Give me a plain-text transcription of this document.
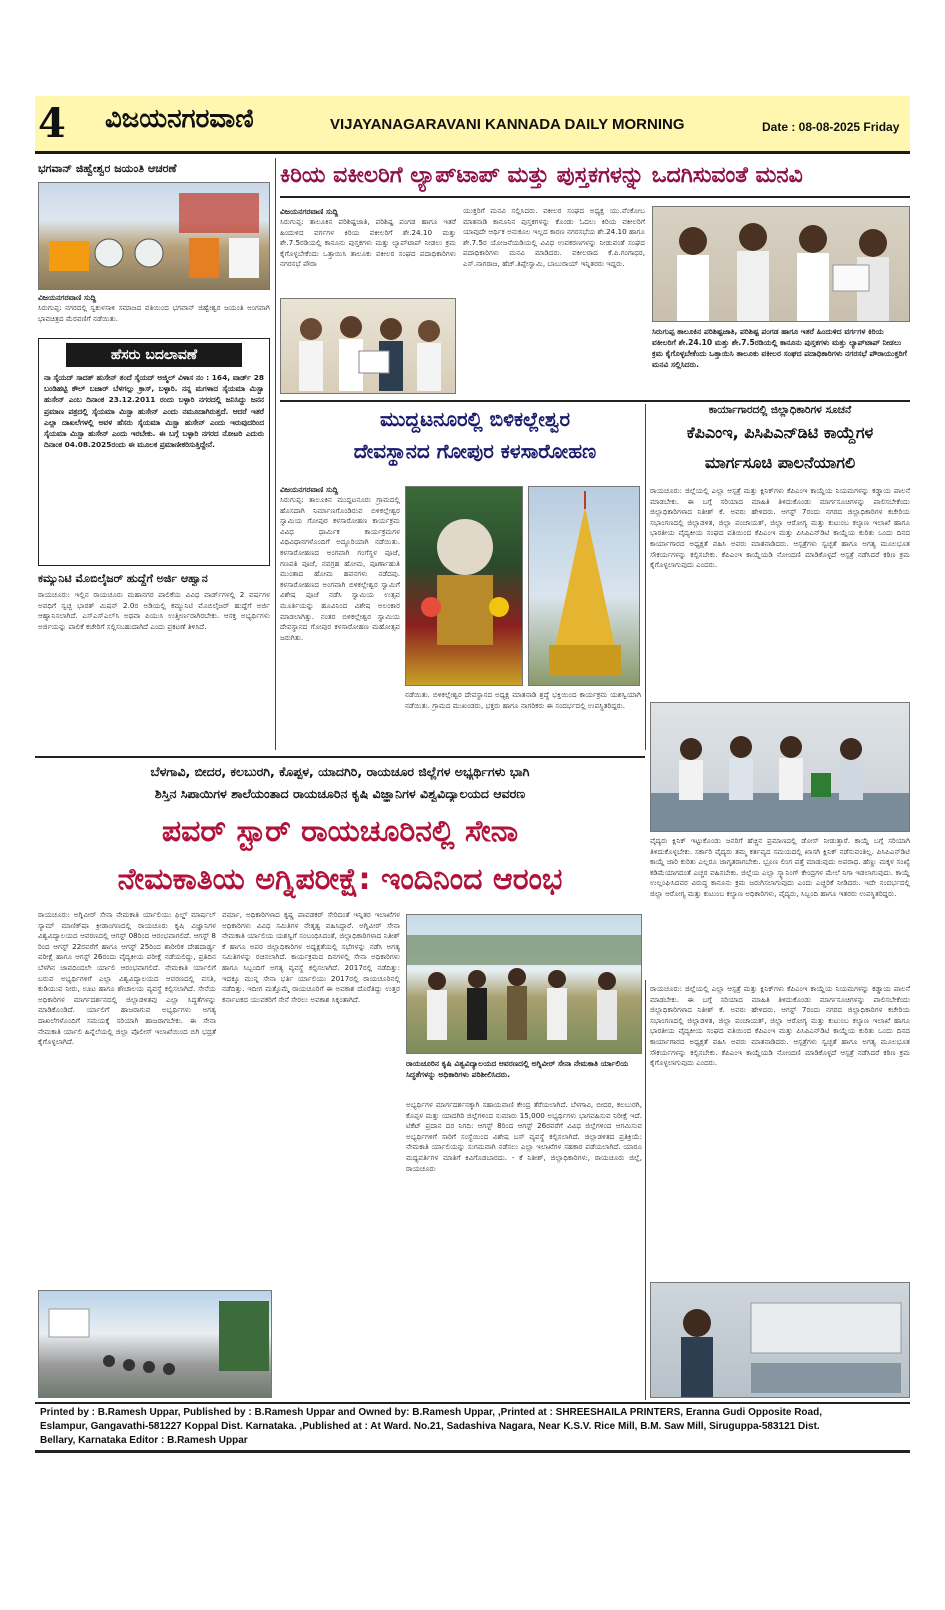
4 ವಿಜಯನಗರವಾಣಿ	VIJAYANAGARAVANI KANNADA DAILY MORNING	Date : 08-08-2025 Friday
ಭಗವಾನ್ ಜಿಹ್ವೇಶ್ವರ ಜಯಂತಿ ಆಚರಣೆ
ವಿಜಯನಗರವಾಣಿ ಸುದ್ದಿ
ಸಿರುಗುಪ್ಪ: ನಗರದಲ್ಲಿ ಸ್ವಕುಳಸಾಳಿ ಸಮಾಜದ ವತಿಯಿಂದ ಭಗವಾನ್ ಜಿಹ್ವೇಶ್ವರ ಜಯಂತಿ ಅಂಗವಾಗಿ ಭಾವಚಿತ್ರದ ಮೆರವಣಿಗೆ ನಡೆಯಿತು.
ಹೆಸರು ಬದಲಾವಣೆ
ನಾ ಸೈಯದ್ ಸಾದತ್ ಹುಸೇನ್ ತಂದೆ ಸೈಯದ್ ಅಜ್ಮಿಲ್ ವಿಳಾಸ ನಂ : 164, ವಾರ್ಡ್ 28 ಬಂಡಿಹಟ್ಟಿ ಕೌಲ್ ಬಜಾರ್ ಬೆಳಗಲ್ಲು ಕ್ರಾಸ್, ಬಳ್ಳಾರಿ. ನನ್ನ ಮಗಳಾದ ಸೈಯಮಾ ಮಿಸ್ಬಾ ಹುಸೇನ್ ಎಂಬ ದಿನಾಂಕ 23.12.2011 ರಂದು ಬಳ್ಳಾರಿ ನಗರದಲ್ಲಿ ಜನಿಸಿದ್ದು ಜನನ ಪ್ರಮಾಣ ಪತ್ರದಲ್ಲಿ ಸೈಯಮಾ ಮಿಸ್ಬಾ ಹುಸೇನ್ ಎಂದು ನಮೂದಾಗಿರುತ್ತದೆ. ಆದರೆ ಇತರೆ ಎಲ್ಲಾ ದಾಖಲೆಗಳಲ್ಲಿ ಅವಳ ಹೆಸರು ಸೈಯಮಾ ಮಿಸ್ಬಾ ಹುಸೇನ್ ಎಂದು ಇರುವುದರಿಂದ ಸೈಯಮಾ ಮಿಸ್ಬಾ ಹುಸೇನ್ ಎಂದು ಇರಬೇಕು. ಈ ಬಗ್ಗೆ ಬಳ್ಳಾರಿ ನಗರದ ನೋಟರಿ ಎದುರು ದಿನಾಂಕ 04.08.2025ರಂದು ಈ ಮೂಲಕ ಪ್ರಮಾಣೀಕರಿಸುತ್ತಿದ್ದೇನೆ.
ಕಮ್ಯುನಿಟಿ ಮೊಬಿಲೈಜರ್ ಹುದ್ದೆಗೆ ಅರ್ಜಿ ಆಹ್ವಾನ
ರಾಯಚೂರು: ಇಲ್ಲಿನ ರಾಯಚೂರು ಮಹಾನಗರ ಪಾಲಿಕೆಯ ವಿವಿಧ ವಾರ್ಡ್‌ಗಳಲ್ಲಿ 2 ವರ್ಷಗಳ ಅವಧಿಗೆ ಸ್ವಚ್ಛ ಭಾರತ್ ಮಿಷನ್ 2.0ರ ಅಡಿಯಲ್ಲಿ ಕಮ್ಯುನಿಟಿ ಮೊಬಿಲೈಜರ್ ಹುದ್ದೆಗೆ ಅರ್ಜಿ ಆಹ್ವಾನಿಸಲಾಗಿದೆ. ಎಸ್‌ಎಸ್‌ಎಲ್‌ಸಿ ಅಥವಾ ಪಿಯುಸಿ ಉತ್ತೀರ್ಣರಾಗಿರಬೇಕು. ಆಸಕ್ತ ಅಭ್ಯರ್ಥಿಗಳು ಅರ್ಜಿಯನ್ನು ಪಾಲಿಕೆ ಕಚೇರಿಗೆ ಸಲ್ಲಿಸಬಹುದಾಗಿದೆ ಎಂದು ಪ್ರಕಟಣೆ ತಿಳಿಸಿದೆ.
ಕಿರಿಯ ವಕೀಲರಿಗೆ ಲ್ಯಾಪ್‌ಟಾಪ್ ಮತ್ತು ಪುಸ್ತಕಗಳನ್ನು ಒದಗಿಸುವಂತೆ ಮನವಿ
ವಿಜಯನಗರವಾಣಿ ಸುದ್ದಿ
ಸಿರುಗುಪ್ಪ: ತಾಲೂಕಿನ ಪರಿಶಿಷ್ಟಜಾತಿ, ಪರಿಶಿಷ್ಟ ಪಂಗಡ ಹಾಗೂ ಇತರೆ ಹಿಂದುಳಿದ ವರ್ಗಗಳ ಕಿರಿಯ ವಕೀಲರಿಗೆ ಶೇ.24.10 ಮತ್ತು ಶೇ.7.5ರಡಿಯಲ್ಲಿ ಕಾನೂನು ಪುಸ್ತಕಗಳು ಮತ್ತು ಲ್ಯಾಪ್‌ಟಾಪ್ ನೀಡಲು ಕ್ರಮ ಕೈಗೊಳ್ಳಬೇಕೆಂದು ಒತ್ತಾಯಿಸಿ ತಾಲೂಕು ವಕೀಲರ ಸಂಘದ ಪದಾಧಿಕಾರಿಗಳು ನಗರಸಭೆ ಪೌರಾ
ಯುಕ್ತರಿಗೆ ಮನವಿ ಸಲ್ಲಿಸಿದರು. ವಕೀಲರ ಸಂಘದ ಅಧ್ಯಕ್ಷ ಯು.ವೆಂಕೋಬ ಮಾತನಾಡಿ ಕಾನೂನಿನ ಪುಸ್ತಕಗಳನ್ನು ಕೊಂಡು ಓದಲು ಕಿರಿಯ ವಕೀಲರಿಗೆ ಯಾವುದೇ ಆರ್ಥಿಕ ಅನುಕೂಲ ಇಲ್ಲದ ಕಾರಣ ನಗರಸಭೆಯ ಶೇ.24.10 ಹಾಗೂ ಶೇ.7.5ರ ಯೋಜನೆಯಡಿಯಲ್ಲಿ ವಿವಿಧ ಉಪಕರಣಗಳನ್ನು ನೀಡುವಂತೆ ಸಂಘದ ಪದಾಧಿಕಾರಿಗಳು ಮನವಿ ಮಾಡಿದರು. ವಕೀಲರಾದ ಕೆ.ಪಿ.ಗಂಗಾಧರ, ಎಸ್.ನಾಗರಾಜ, ಹೆಚ್.ತಿಪ್ಪೇಸ್ವಾಮಿ, ಬಾಬುರಾಯ್ ಇನ್ನಿತರರು ಇದ್ದರು.
ಸಿರುಗುಪ್ಪ ತಾಲೂಕಿನ ಪರಿಶಿಷ್ಟಜಾತಿ, ಪರಿಶಿಷ್ಟ ಪಂಗಡ ಹಾಗೂ ಇತರೆ ಹಿಂದುಳಿದ ವರ್ಗಗಳ ಕಿರಿಯ ವಕೀಲರಿಗೆ ಶೇ.24.10 ಮತ್ತು ಶೇ.7.5ರಡಿಯಲ್ಲಿ ಕಾನೂನು ಪುಸ್ತಕಗಳು ಮತ್ತು ಲ್ಯಾಪ್‌ಟಾಪ್ ನೀಡಲು ಕ್ರಮ ಕೈಗೊಳ್ಳಬೇಕೆಂದು ಒತ್ತಾಯಿಸಿ ತಾಲೂಕು ವಕೀಲರ ಸಂಘದ ಪದಾಧಿಕಾರಿಗಳು ನಗರಸಭೆ ಪೌರಾಯುಕ್ತರಿಗೆ ಮನವಿ ಸಲ್ಲಿಸಿದರು.
ಮುದ್ದಟನೂರಲ್ಲಿ ಬಿಳಿಕಲ್ಲೇಶ್ವರ
ದೇವಸ್ಥಾನದ ಗೋಪುರ ಕಳಸಾರೋಹಣ
ವಿಜಯನಗರವಾಣಿ ಸುದ್ದಿ
ಸಿರುಗುಪ್ಪ: ತಾಲೂಕಿನ ಮುದ್ದಟನೂರು ಗ್ರಾಮದಲ್ಲಿ ಹೊಸದಾಗಿ ನಿರ್ಮಾಣಗೊಂಡಿರುವ ಬಿಳಿಕಲ್ಲೇಶ್ವರ ಸ್ವಾಮಿಯ ಗೋಪುರ ಕಳಸಾರೋಹಣ ಕಾರ್ಯಕ್ರಮ ವಿವಿಧ ಧಾರ್ಮಿಕ ಕಾರ್ಯಕ್ರಮಗಳ ವಿಧಿವಿಧಾನಗಳೊಂದಿಗೆ ಅದ್ದೂರಿಯಾಗಿ ನಡೆಯಿತು. ಕಳಸಾರೋಹಣದ ಅಂಗವಾಗಿ ಗಂಗೆಸ್ಥಳ ಪೂಜೆ, ಗಣಪತಿ ಪೂಜೆ, ನವಗ್ರಹ ಹೋಮ, ಪೂರ್ಣಾಹುತಿ ಮುಂತಾದ ಹೋಮ ಹವನಗಳು ನಡೆದವು. ಕಳಸಾರೋಹಣದ ಅಂಗವಾಗಿ ಬಿಳಿಕಲ್ಲೇಶ್ವರ ಸ್ವಾಮಿಗೆ ವಿಶೇಷ ಪೂಜೆ ನಡೆಸಿ ಸ್ವಾಮಿಯ ಉತ್ಸವ ಮೂರ್ತಿಯನ್ನು ಹೂವಿನಿಂದ ವಿಶೇಷ ಅಲಂಕಾರ ಮಾಡಲಾಗಿತ್ತು. ನಂತರ ಬಿಳಿಕಲ್ಲೇಶ್ವರ ಸ್ವಾಮಿಯ ದೇವಸ್ಥಾನದ ಗೋಪುರ ಕಳಸಾರೋಹಣ ಮಹೋತ್ಸವ ಜರುಗಿತು.
ನಡೆಯಿತು. ಬಿಳಿಕಲ್ಲೇಶ್ವರ ದೇವಸ್ಥಾನದ ಅಧ್ಯಕ್ಷ ಮಾತನಾಡಿ ಶ್ರದ್ಧೆ ಭಕ್ತಿಯಿಂದ ಕಾರ್ಯಕ್ರಮ ಯಶಸ್ವಿಯಾಗಿ ನಡೆಯಿತು. ಗ್ರಾಮದ ಮುಖಂಡರು, ಭಕ್ತರು ಹಾಗೂ ನಾಗರಿಕರು ಈ ಸಂದರ್ಭದಲ್ಲಿ ಉಪಸ್ಥಿತರಿದ್ದರು.
ಕಾರ್ಯಾಗಾರದಲ್ಲಿ ಜಿಲ್ಲಾಧಿಕಾರಿಗಳ ಸೂಚನೆ
ಕೆಪಿಎಂಇ, ಪಿಸಿಪಿಎನ್‌ಡಿಟಿ ಕಾಯ್ದೆಗಳ
ಮಾರ್ಗಸೂಚಿ ಪಾಲನೆಯಾಗಲಿ
ರಾಯಚೂರು: ಜಿಲ್ಲೆಯಲ್ಲಿ ಎಲ್ಲಾ ಆಸ್ಪತ್ರೆ ಮತ್ತು ಕ್ಲಿನಿಕ್‌ಗಳು ಕೆಪಿಎಂಇ ಕಾಯ್ದೆಯ ನಿಯಮಗಳನ್ನು ಕಡ್ಡಾಯ ಪಾಲನೆ ಮಾಡಬೇಕು. ಈ ಬಗ್ಗೆ ಸರಿಯಾದ ಮಾಹಿತಿ ತಿಳಿದುಕೊಂಡು ಮಾರ್ಗಸೂಚಿಗಳನ್ನು ಪಾಲಿಸಬೇಕೆಂದು ಜಿಲ್ಲಾಧಿಕಾರಿಗಳಾದ ನಿತೀಶ್ ಕೆ. ಅವರು ಹೇಳಿದರು. ಆಗಸ್ಟ್ 7ರಂದು ನಗರದ ಜಿಲ್ಲಾಧಿಕಾರಿಗಳ ಕಚೇರಿಯ ಸಭಾಂಗಣದಲ್ಲಿ ಜಿಲ್ಲಾಡಳಿತ, ಜಿಲ್ಲಾ ಪಂಚಾಯತ್, ಜಿಲ್ಲಾ ಆರೋಗ್ಯ ಮತ್ತು ಕುಟುಂಬ ಕಲ್ಯಾಣ ಇಲಾಖೆ ಹಾಗೂ ಭಾರತೀಯ ವೈದ್ಯಕೀಯ ಸಂಘದ ವತಿಯಿಂದ ಕೆಪಿಎಂಇ ಮತ್ತು ಪಿಸಿಪಿಎನ್‌ಡಿಟಿ ಕಾಯ್ದೆಯ ಕುರಿತು ಒಂದು ದಿನದ ಕಾರ್ಯಾಗಾರದ ಅಧ್ಯಕ್ಷತೆ ವಹಿಸಿ ಅವರು ಮಾತನಾಡಿದರು. ಆಸ್ಪತ್ರೆಗಳು ಸ್ವಚ್ಛತೆ ಹಾಗೂ ಅಗತ್ಯ ಮೂಲಭೂತ ಸೌಕರ್ಯಗಳನ್ನು ಕಲ್ಪಿಸಬೇಕು. ಕೆಪಿಎಂಇ ಕಾಯ್ದೆಯಡಿ ನೋಂದಣಿ ಮಾಡಿಕೊಳ್ಳದೆ ಆಸ್ಪತ್ರೆ ನಡೆಸಿದರೆ ಕಠಿಣ ಕ್ರಮ ಕೈಗೊಳ್ಳಲಾಗುವುದು ಎಂದರು.
ವೈದ್ಯರು ಕ್ಲಿನಿಕ್ ಇಟ್ಟುಕೊಂಡು ಜನರಿಗೆ ಹೆಚ್ಚಿನ ಪ್ರಮಾಣದಲ್ಲಿ ಡೋಸ್ ನೀಡುತ್ತಾರೆ. ಕಾಯ್ದೆ ಬಗ್ಗೆ ಸರಿಯಾಗಿ ತಿಳಿದುಕೊಳ್ಳಬೇಕು. ಸರ್ಕಾರಿ ವೈದ್ಯರು ತಮ್ಮ ಕರ್ತವ್ಯದ ಸಮಯದಲ್ಲಿ ಖಾಸಗಿ ಕ್ಲಿನಿಕ್ ನಡೆಸುವಂತಿಲ್ಲ. ಪಿಸಿಪಿಎನ್‌ಡಿಟಿ ಕಾಯ್ದೆ ಜಾರಿ ಕುರಿತು ಎಲ್ಲರೂ ಜಾಗೃತರಾಗಬೇಕು. ಭ್ರೂಣ ಲಿಂಗ ಪತ್ತೆ ಮಾಡುವುದು ಅಪರಾಧ. ಹೆಣ್ಣು ಮಕ್ಕಳ ಸಂಖ್ಯೆ ಕಡಿಮೆಯಾಗದಂತೆ ಎಚ್ಚರ ವಹಿಸಬೇಕು. ಜಿಲ್ಲೆಯ ಎಲ್ಲಾ ಸ್ಕ್ಯಾನಿಂಗ್ ಕೇಂದ್ರಗಳ ಮೇಲೆ ನಿಗಾ ಇಡಲಾಗುವುದು. ಕಾಯ್ದೆ ಉಲ್ಲಂಘಿಸಿದವರ ವಿರುದ್ಧ ಕಾನೂನು ಕ್ರಮ ಜರುಗಿಸಲಾಗುವುದು ಎಂದು ಎಚ್ಚರಿಕೆ ನೀಡಿದರು. ಇದೇ ಸಂದರ್ಭದಲ್ಲಿ ಜಿಲ್ಲಾ ಆರೋಗ್ಯ ಮತ್ತು ಕುಟುಂಬ ಕಲ್ಯಾಣ ಅಧಿಕಾರಿಗಳು, ವೈದ್ಯರು, ಸಿಬ್ಬಂದಿ ಹಾಗೂ ಇತರರು ಉಪಸ್ಥಿತರಿದ್ದರು.
ಬೆಳಗಾವಿ, ಬೀದರ, ಕಲಬುರಗಿ, ಕೊಪ್ಪಳ, ಯಾದಗಿರಿ, ರಾಯಚೂರ ಜಿಲ್ಲೆಗಳ ಅಭ್ಯರ್ಥಿಗಳು ಭಾಗಿ
ಶಿಸ್ತಿನ ಸಿಪಾಯಿಗಳ ಶಾಲೆಯಂತಾದ ರಾಯಚೂರಿನ ಕೃಷಿ ವಿಜ್ಞಾನಿಗಳ ವಿಶ್ವವಿದ್ಯಾಲಯದ ಆವರಣ
ಪವರ್ ಸ್ಟಾರ್ ರಾಯಚೂರಿನಲ್ಲಿ ಸೇನಾ
ನೇಮಕಾತಿಯ ಅಗ್ನಿಪರೀಕ್ಷೆ: ಇಂದಿನಿಂದ ಆರಂಭ
ರಾಯಚೂರು: ಅಗ್ನಿವೀರ್ ಸೇನಾ ನೇಮಕಾತಿ ರ್ಯಾಲಿಯು ಫಿಲ್ಡ್ ಮಾರ್ಷಲ್ ಸ್ಯಾಮ್ ಮಾಣಿಕ್‌ಷಾ ಕ್ರೀಡಾಂಗಣದಲ್ಲಿ ರಾಯಚೂರು ಕೃಷಿ ವಿಜ್ಞಾನಿಗಳ ವಿಶ್ವವಿದ್ಯಾಲಯದ ಆವರಣದಲ್ಲಿ ಆಗಸ್ಟ್ 08ರಿಂದ ಆರಂಭವಾಗಲಿದೆ. ಆಗಸ್ಟ್ 8 ರಿಂದ ಆಗಸ್ಟ್ 22ರವರೆಗೆ ಹಾಗೂ ಆಗಸ್ಟ್ 25ರಿಂದ ಶಾರೀರಿಕ ದೇಹದಾರ್ಢ್ಯ ಪರೀಕ್ಷೆ ಹಾಗೂ ಆಗಸ್ಟ್ 26ರಂದು ವೈದ್ಯಕೀಯ ಪರೀಕ್ಷೆ ನಡೆಯಲಿದ್ದು, ಪ್ರತಿದಿನ ಬೆಳಗಿನ ಜಾವದಿಂದಲೇ ರ್ಯಾಲಿ ಆರಂಭವಾಗಲಿದೆ. ನೇಮಕಾತಿ ರ್ಯಾಲಿಗೆ ಬರುವ ಅಭ್ಯರ್ಥಿಗಳಿಗೆ ಎಲ್ಲಾ ವಿಶ್ವವಿದ್ಯಾಲಯದ ಆವರಣದಲ್ಲಿ ವಸತಿ, ಕುಡಿಯುವ ನೀರು, ಊಟ ಹಾಗೂ ಶೌಚಾಲಯ ವ್ಯವಸ್ಥೆ ಕಲ್ಪಿಸಲಾಗಿದೆ. ಸೇನೆಯ ಅಧಿಕಾರಿಗಳ ಮಾರ್ಗದರ್ಶನದಲ್ಲಿ ಜಿಲ್ಲಾಡಳಿತವು ಎಲ್ಲಾ ಸಿದ್ಧತೆಗಳನ್ನು ಮಾಡಿಕೊಂಡಿದೆ. ರ್ಯಾಲಿಗೆ ಹಾಜರಾಗುವ ಅಭ್ಯರ್ಥಿಗಳು ಅಗತ್ಯ ದಾಖಲೆಗಳೊಂದಿಗೆ ಸಮಯಕ್ಕೆ ಸರಿಯಾಗಿ ಹಾಜರಾಗಬೇಕು. ಈ ಸೇನಾ ನೇಮಕಾತಿ ರ್ಯಾಲಿ ಹಿನ್ನೆಲೆಯಲ್ಲಿ ಜಿಲ್ಲಾ ಪೊಲೀಸ್ ಇಲಾಖೆಯಿಂದ ಬಿಗಿ ಭದ್ರತೆ ಕೈಗೊಳ್ಳಲಾಗಿದೆ.
ವರ್ಮಾ, ಅಧಿಕಾರಿಗಳಾದ ಕೃಷ್ಣ ಪಾವಡಕರ್ ಸೇರಿದಂತೆ ಇನ್ನಿತರ ಇಲಾಖೆಗಳ ಅಧಿಕಾರಿಗಳು ವಿವಿಧ ಸಮಿತಿಗಳ ನೇತೃತ್ವ ವಹಿಸಿದ್ದಾರೆ. ಅಗ್ನಿವೀರ್ ಸೇನಾ ನೇಮಕಾತಿ ರ್ಯಾಲಿಯ ಯಶಸ್ವಿಗೆ ಸಂಬಂಧಿಸಿದಂತೆ, ಜಿಲ್ಲಾಧಿಕಾರಿಗಳಾದ ನಿತೀಶ್ ಕೆ ಹಾಗೂ ಅಪರ ಜಿಲ್ಲಾಧಿಕಾರಿಗಳ ಅಧ್ಯಕ್ಷತೆಯಲ್ಲಿ ಸಭೆಗಳನ್ನು ನಡೆಸಿ ಅಗತ್ಯ ಸಮಿತಿಗಳನ್ನು ರಚಿಸಲಾಗಿದೆ. ಕಾರ್ಯಕ್ರಮದ ದಿನಗಳಲ್ಲಿ ಸೇನಾ ಅಧಿಕಾರಿಗಳು ಹಾಗೂ ಸಿಬ್ಬಂದಿಗೆ ಅಗತ್ಯ ವ್ಯವಸ್ಥೆ ಕಲ್ಪಿಸಲಾಗಿದೆ. 2017ರಲ್ಲಿ ನಡೆದಿತ್ತು: ಇದಕ್ಕೂ ಮುನ್ನ ಸೇನಾ ಭರ್ತಿ ರ್ಯಾಲಿಯು 2017ರಲ್ಲಿ ರಾಯಚೂರಿನಲ್ಲಿ ನಡೆದಿತ್ತು. ಇದೀಗ ಮತ್ತೊಮ್ಮೆ ರಾಯಚೂರಿಗೆ ಈ ಅವಕಾಶ ದೊರೆತಿದ್ದು ಉತ್ತರ ಕರ್ನಾಟಕದ ಯುವಕರಿಗೆ ಸೇನೆ ಸೇರಲು ಅವಕಾಶ ಸಿಕ್ಕಂತಾಗಿದೆ.
ರಾಯಚೂರಿನ ಕೃಷಿ ವಿಶ್ವವಿದ್ಯಾಲಯದ ಆವರಣದಲ್ಲಿ ಅಗ್ನಿವೀರ್ ಸೇನಾ ನೇಮಕಾತಿ ರ್ಯಾಲಿಯ ಸಿದ್ಧತೆಗಳನ್ನು ಅಧಿಕಾರಿಗಳು ಪರಿಶೀಲಿಸಿದರು.
ಅಭ್ಯರ್ಥಿಗಳ ಮಾರ್ಗದರ್ಶನಕ್ಕಾಗಿ ಸಹಾಯವಾಣಿ ಕೇಂದ್ರ ತೆರೆಯಲಾಗಿದೆ. ಬೆಳಗಾವಿ, ಬೀದರ, ಕಲಬುರಗಿ, ಕೊಪ್ಪಳ ಮತ್ತು ಯಾದಗಿರಿ ಜಿಲ್ಲೆಗಳಿಂದ ಸುಮಾರು 15,000 ಅಭ್ಯರ್ಥಿಗಳು ಭಾಗವಹಿಸುವ ನಿರೀಕ್ಷೆ ಇದೆ. ಟಿಕೆಟ್ ಪ್ರದಾನ ದರ ನಿಗದಿ: ಆಗಸ್ಟ್ 8ರಿಂದ ಆಗಸ್ಟ್ 26ರವರೆಗೆ ವಿವಿಧ ಜಿಲ್ಲೆಗಳಿಂದ ಆಗಮಿಸುವ ಅಭ್ಯರ್ಥಿಗಳಿಗೆ ಸಾರಿಗೆ ಸಂಸ್ಥೆಯಿಂದ ವಿಶೇಷ ಬಸ್ ವ್ಯವಸ್ಥೆ ಕಲ್ಪಿಸಲಾಗಿದೆ. ಜಿಲ್ಲಾಡಳಿತದ ಪ್ರತಿಕ್ರಿಯೆ: ನೇಮಕಾತಿ ರ್ಯಾಲಿಯನ್ನು ಸುಗಮವಾಗಿ ನಡೆಸಲು ಎಲ್ಲಾ ಇಲಾಖೆಗಳ ಸಹಕಾರ ಪಡೆಯಲಾಗಿದೆ. ಯಾರೂ ಮಧ್ಯವರ್ತಿಗಳ ಮಾತಿಗೆ ಕಿವಿಗೊಡಬಾರದು. - ಕೆ ನಿತೀಶ್, ಜಿಲ್ಲಾಧಿಕಾರಿಗಳು, ರಾಯಚೂರು ಜಿಲ್ಲೆ, ರಾಯಚೂರು
ರಾಯಚೂರು: ಜಿಲ್ಲೆಯಲ್ಲಿ ಎಲ್ಲಾ ಆಸ್ಪತ್ರೆ ಮತ್ತು ಕ್ಲಿನಿಕ್‌ಗಳು ಕೆಪಿಎಂಇ ಕಾಯ್ದೆಯ ನಿಯಮಗಳನ್ನು ಕಡ್ಡಾಯ ಪಾಲನೆ ಮಾಡಬೇಕು. ಈ ಬಗ್ಗೆ ಸರಿಯಾದ ಮಾಹಿತಿ ತಿಳಿದುಕೊಂಡು ಮಾರ್ಗಸೂಚಿಗಳನ್ನು ಪಾಲಿಸಬೇಕೆಂದು ಜಿಲ್ಲಾಧಿಕಾರಿಗಳಾದ ನಿತೀಶ್ ಕೆ. ಅವರು ಹೇಳಿದರು. ಆಗಸ್ಟ್ 7ರಂದು ನಗರದ ಜಿಲ್ಲಾಧಿಕಾರಿಗಳ ಕಚೇರಿಯ ಸಭಾಂಗಣದಲ್ಲಿ ಜಿಲ್ಲಾಡಳಿತ, ಜಿಲ್ಲಾ ಪಂಚಾಯತ್, ಜಿಲ್ಲಾ ಆರೋಗ್ಯ ಮತ್ತು ಕುಟುಂಬ ಕಲ್ಯಾಣ ಇಲಾಖೆ ಹಾಗೂ ಭಾರತೀಯ ವೈದ್ಯಕೀಯ ಸಂಘದ ವತಿಯಿಂದ ಕೆಪಿಎಂಇ ಮತ್ತು ಪಿಸಿಪಿಎನ್‌ಡಿಟಿ ಕಾಯ್ದೆಯ ಕುರಿತು ಒಂದು ದಿನದ ಕಾರ್ಯಾಗಾರದ ಅಧ್ಯಕ್ಷತೆ ವಹಿಸಿ ಅವರು ಮಾತನಾಡಿದರು. ಆಸ್ಪತ್ರೆಗಳು ಸ್ವಚ್ಛತೆ ಹಾಗೂ ಅಗತ್ಯ ಮೂಲಭೂತ ಸೌಕರ್ಯಗಳನ್ನು ಕಲ್ಪಿಸಬೇಕು. ಕೆಪಿಎಂಇ ಕಾಯ್ದೆಯಡಿ ನೋಂದಣಿ ಮಾಡಿಕೊಳ್ಳದೆ ಆಸ್ಪತ್ರೆ ನಡೆಸಿದರೆ ಕಠಿಣ ಕ್ರಮ ಕೈಗೊಳ್ಳಲಾಗುವುದು ಎಂದರು.
Printed by : B.Ramesh Uppar, Published by : B.Ramesh Uppar and Owned by: B.Ramesh Uppar, ,Printed at : SHREESHAILA PRINTERS, Eranna Gudi Opposite Road,
Eslampur, Gangavathi-581227 Koppal Dist. Karnataka. ,Published at : At Ward. No.21, Sadashiva Nagara, Near K.S.V. Rice Mill, B.M. Saw Mill, Siruguppa-583121 Dist.
Bellary, Karnataka Editor : B.Ramesh Uppar
